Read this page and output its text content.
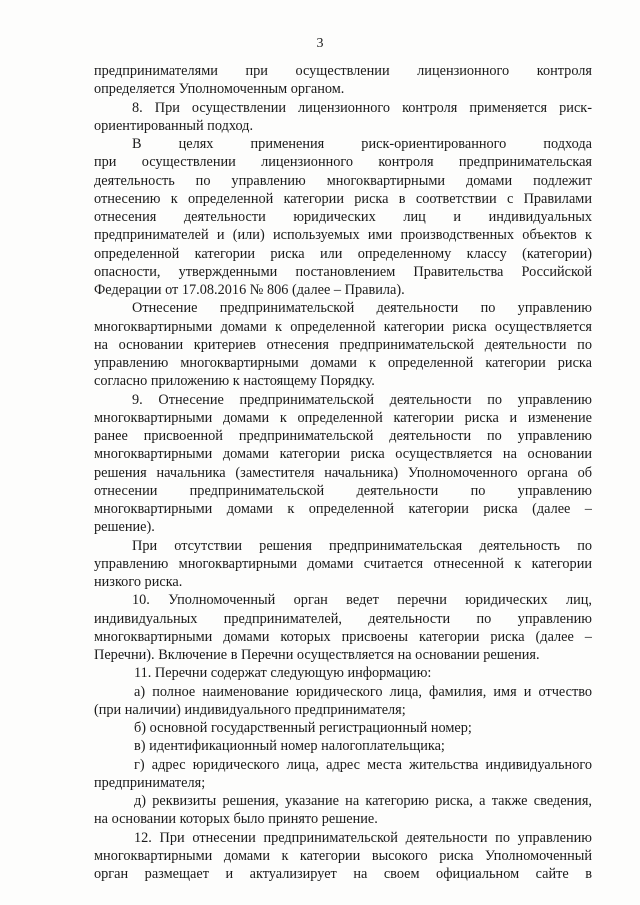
3
предпринимателями при осуществлении лицензионного контроля
определяется Уполномоченным органом.
8. При осуществлении лицензионного контроля применяется риск-
ориентированный подход.
В целях применения риск-ориентированного подхода
при осуществлении лицензионного контроля предпринимательская
деятельность по управлению многоквартирными домами подлежит
отнесению к определенной категории риска в соответствии с Правилами
отнесения деятельности юридических лиц и индивидуальных
предпринимателей и (или) используемых ими производственных объектов к
определенной категории риска или определенному классу (категории)
опасности, утвержденными постановлением Правительства Российской
Федерации от 17.08.2016 № 806 (далее – Правила).
Отнесение предпринимательской деятельности по управлению
многоквартирными домами к определенной категории риска осуществляется
на основании критериев отнесения предпринимательской деятельности по
управлению многоквартирными домами к определенной категории риска
согласно приложению к настоящему Порядку.
9. Отнесение предпринимательской деятельности по управлению
многоквартирными домами к определенной категории риска и изменение
ранее присвоенной предпринимательской деятельности по управлению
многоквартирными домами категории риска осуществляется на основании
решения начальника (заместителя начальника) Уполномоченного органа об
отнесении предпринимательской деятельности по управлению
многоквартирными домами к определенной категории риска (далее –
решение).
При отсутствии решения предпринимательская деятельность по
управлению многоквартирными домами считается отнесенной к категории
низкого риска.
10. Уполномоченный орган ведет перечни юридических лиц,
индивидуальных предпринимателей, деятельности по управлению
многоквартирными домами которых присвоены категории риска (далее –
Перечни). Включение в Перечни осуществляется на основании решения.
11. Перечни содержат следующую информацию:
а) полное наименование юридического лица, фамилия, имя и отчество
(при наличии) индивидуального предпринимателя;
б) основной государственный регистрационный номер;
в) идентификационный номер налогоплательщика;
г) адрес юридического лица, адрес места жительства индивидуального
предпринимателя;
д) реквизиты решения, указание на категорию риска, а также сведения,
на основании которых было принято решение.
12. При отнесении предпринимательской деятельности по управлению
многоквартирными домами к категории высокого риска Уполномоченный
орган размещает и актуализирует на своем официальном сайте в
